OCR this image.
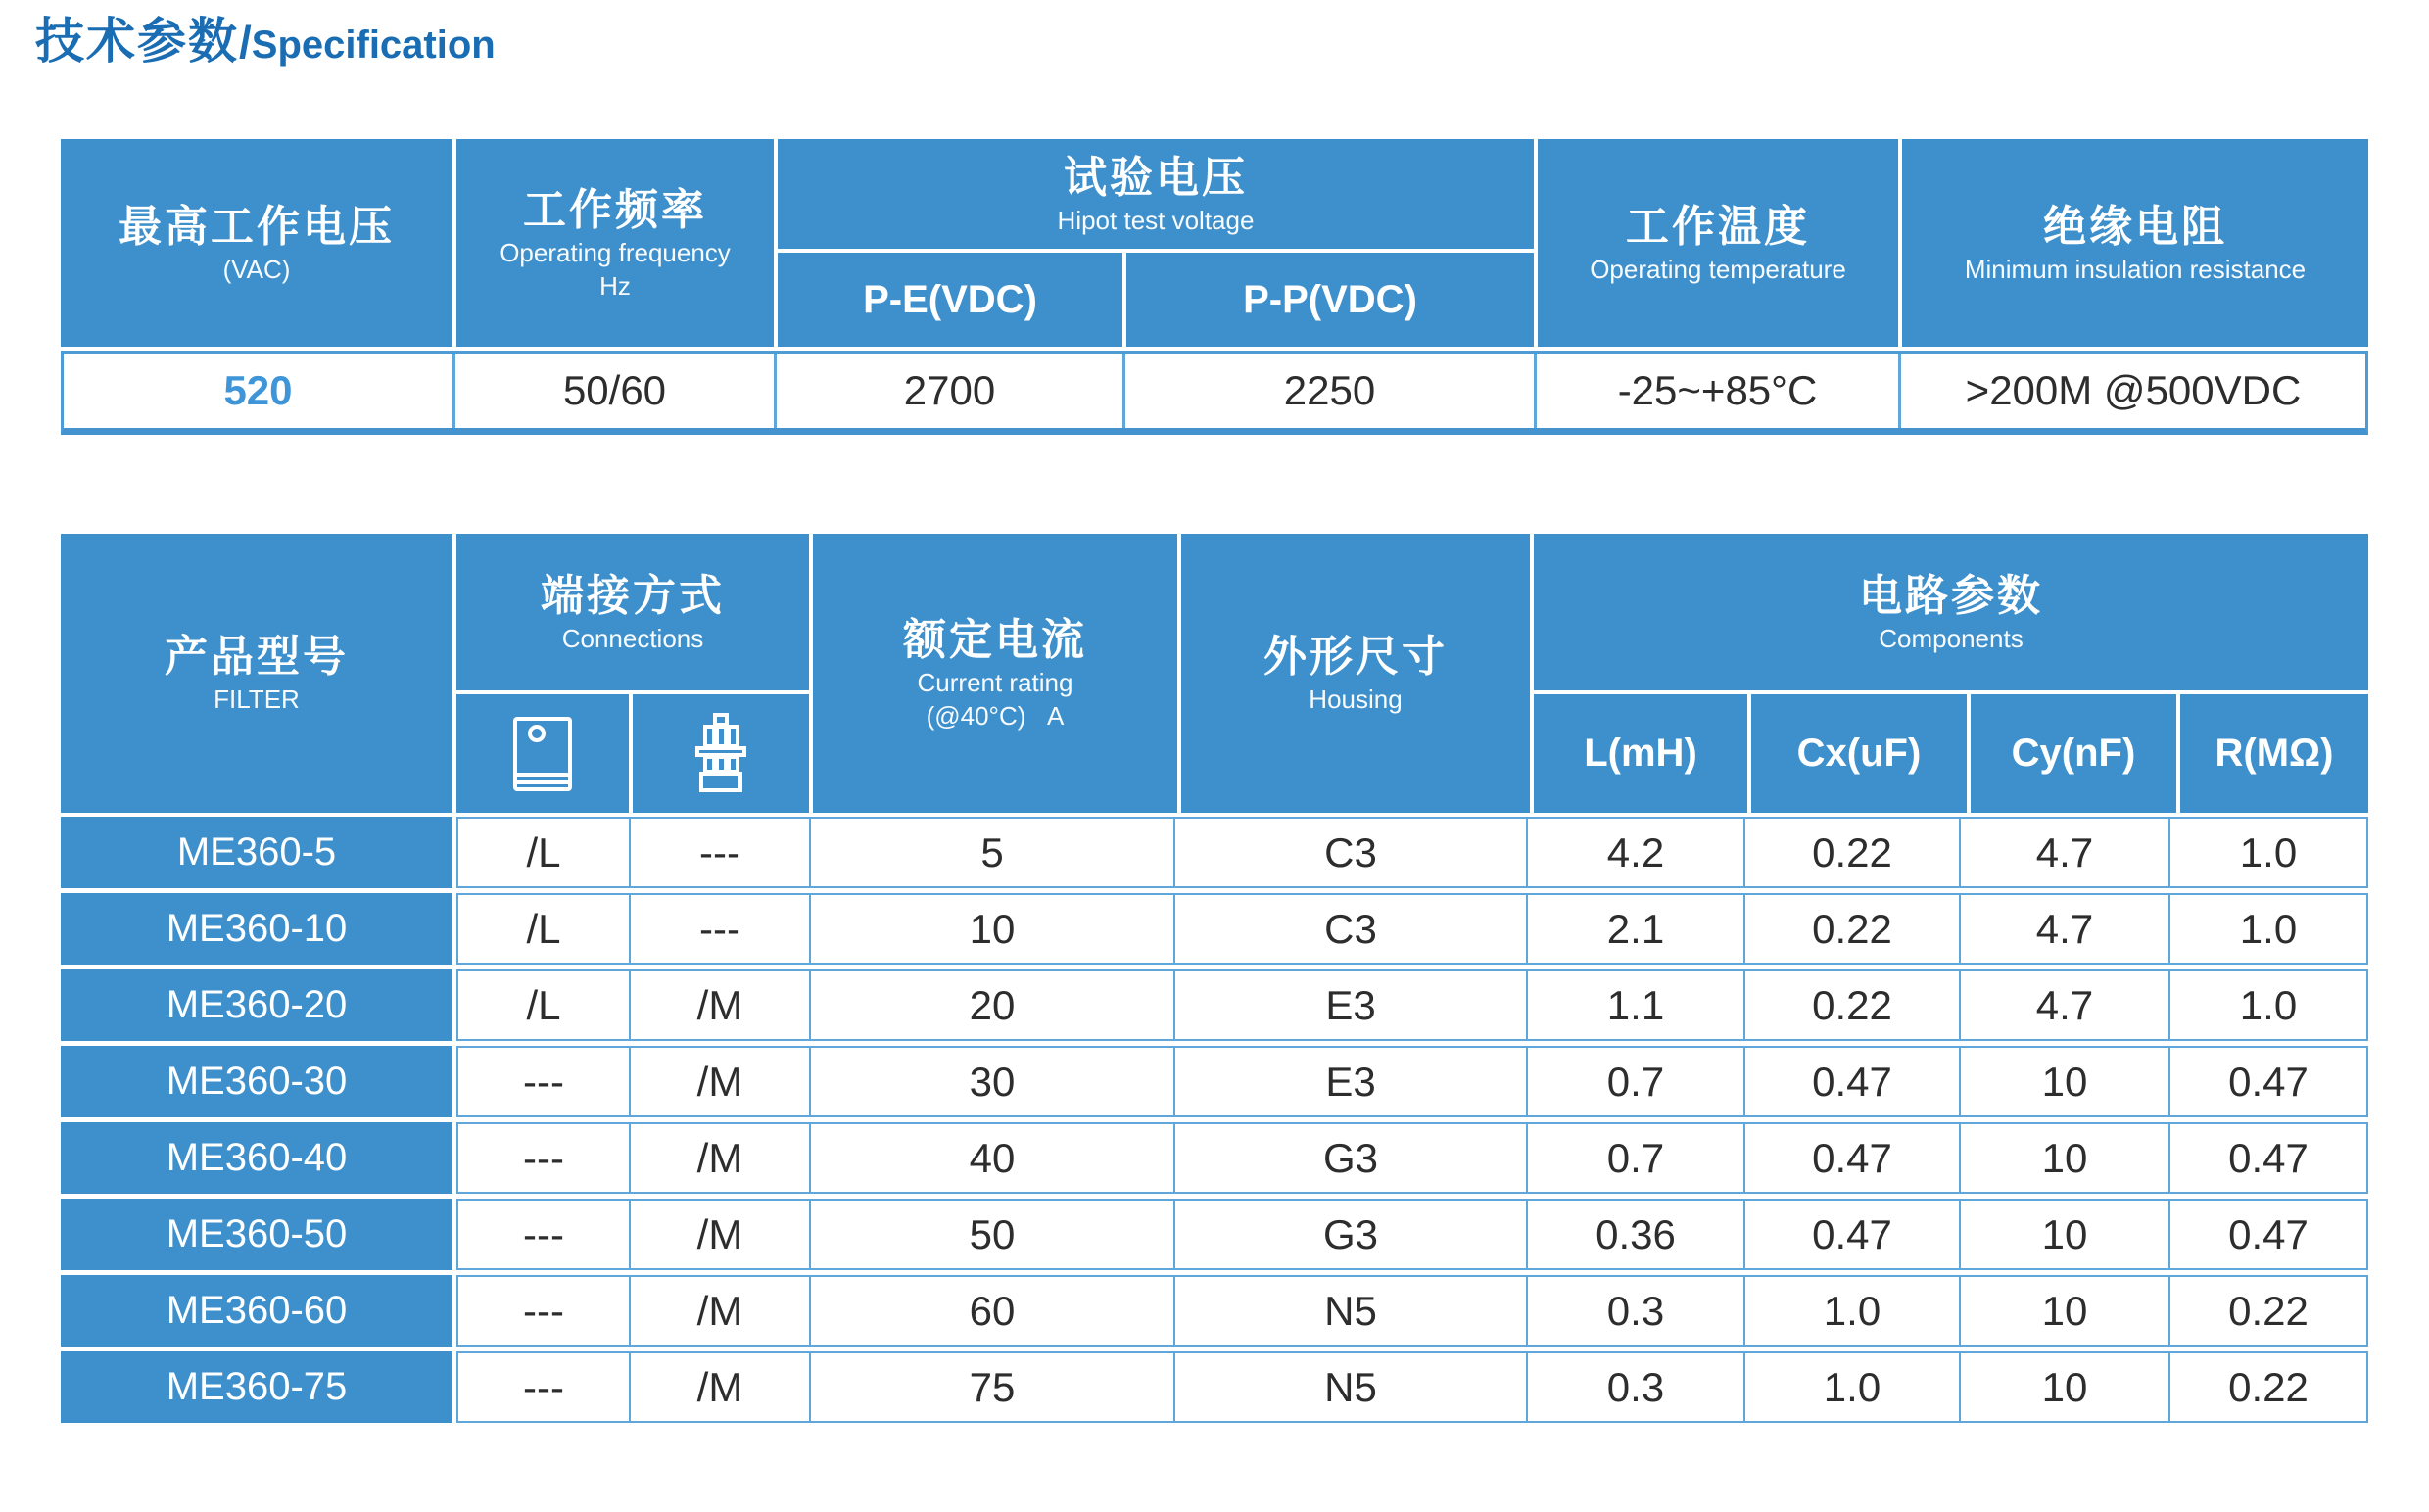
技术参数/Specification
最高工作电压
(VAC)
工作频率
Operating frequency
Hz
试验电压
Hipot test voltage
P-E(VDC)	P-P(VDC)
工作温度
Operating temperature
绝缘电阻
Minimum insulation resistance
520	50/60	2700	2250	-25~+85°C	>200M @500VDC
产品型号
FILTER
端接方式
Connections	额定电流
Current rating
(@40°C)   A
外形尺寸
Housing
电路参数
Components
L(mH)	Cx(uF) Cy(nF) R(MΩ)
ME360-5	/L	---	5	C3	4.2	0.22	4.7	1.0
ME360-10	/L	---	10	C3	2.1	0.22	4.7	1.0
ME360-20	/L	/M	20	E3	1.1	0.22	4.7	1.0
ME360-30	---	/M	30	E3	0.7	0.47	10	0.47
ME360-40	---	/M	40	G3	0.7	0.47	10	0.47
ME360-50	---	/M	50	G3	0.36	0.47	10	0.47
ME360-60	---	/M	60	N5	0.3	1.0	10	0.22
ME360-75	---	/M	75	N5	0.3	1.0	10	0.22
